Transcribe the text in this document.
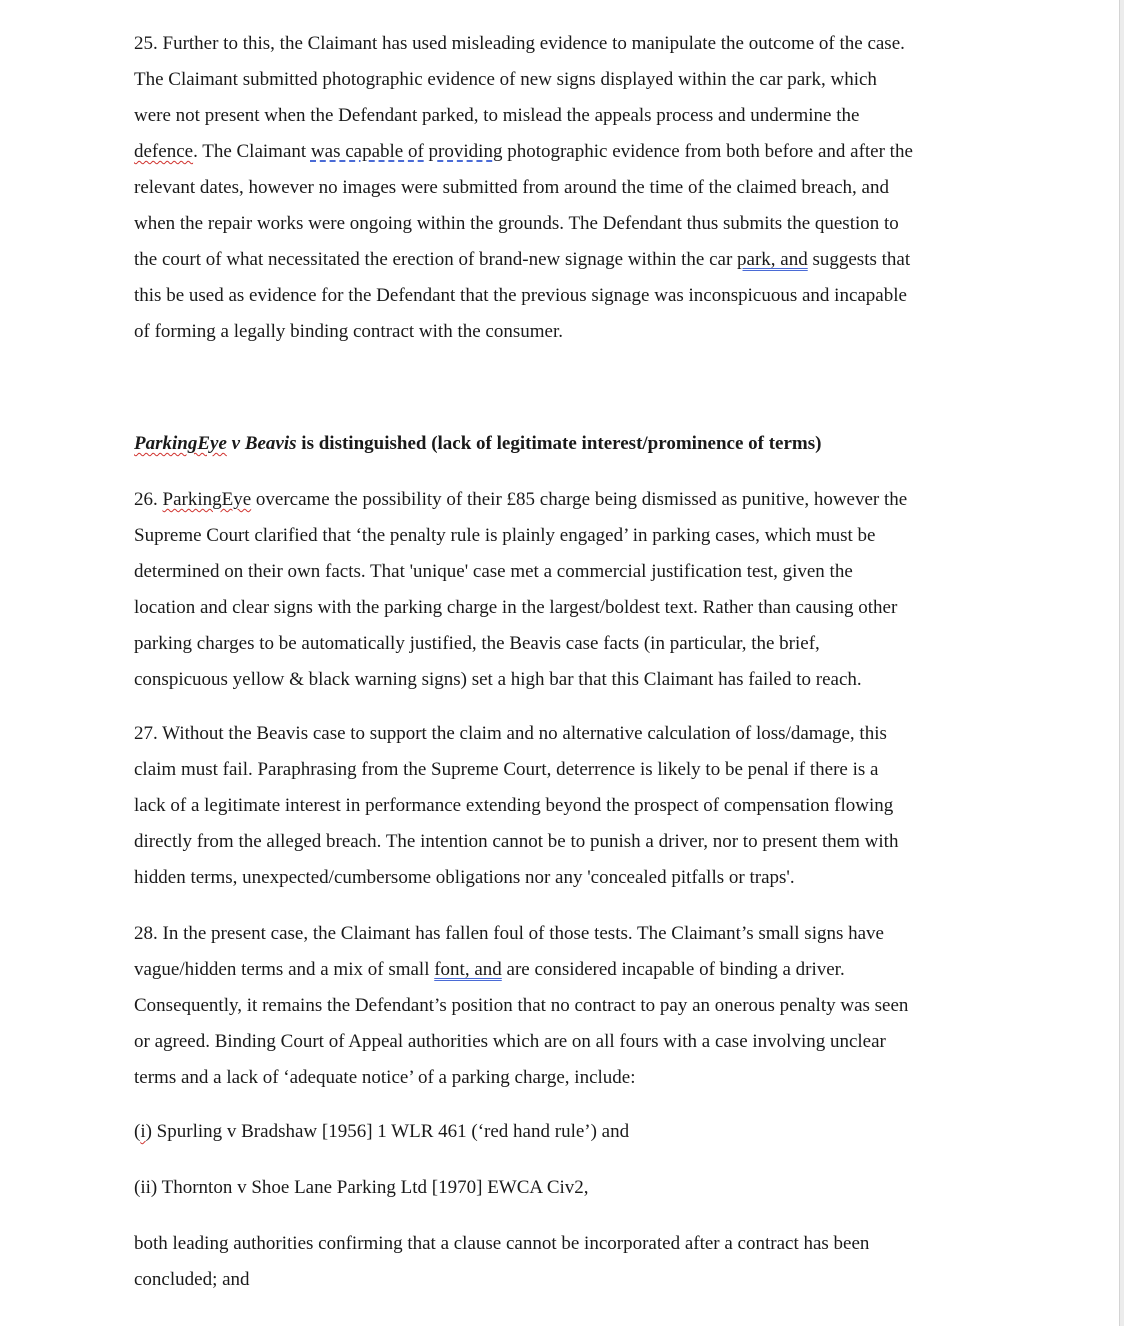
25. Further to this, the Claimant has used misleading evidence to manipulate the outcome of the case.

The Claimant submitted photographic evidence of new signs displayed within the car park, which

were not present when the Defendant parked, to mislead the appeals process and undermine the

defence. The Claimant was capable of providing photographic evidence from both before and after the

relevant dates, however no images were submitted from around the time of the claimed breach, and

when the repair works were ongoing within the grounds. The Defendant thus submits the question to

the court of what necessitated the erection of brand-new signage within the car park, and suggests that

this be used as evidence for the Defendant that the previous signage was inconspicuous and incapable

of forming a legally binding contract with the consumer.

ParkingEye v Beavis is distinguished (lack of legitimate interest/prominence of terms)

26. ParkingEye overcame the possibility of their £85 charge being dismissed as punitive, however the

Supreme Court clarified that ‘the penalty rule is plainly engaged’ in parking cases, which must be

determined on their own facts. That 'unique' case met a commercial justification test, given the

location and clear signs with the parking charge in the largest/boldest text. Rather than causing other

parking charges to be automatically justified, the Beavis case facts (in particular, the brief,

conspicuous yellow & black warning signs) set a high bar that this Claimant has failed to reach.

27. Without the Beavis case to support the claim and no alternative calculation of loss/damage, this

claim must fail. Paraphrasing from the Supreme Court, deterrence is likely to be penal if there is a

lack of a legitimate interest in performance extending beyond the prospect of compensation flowing

directly from the alleged breach. The intention cannot be to punish a driver, nor to present them with

hidden terms, unexpected/cumbersome obligations nor any 'concealed pitfalls or traps'.

28. In the present case, the Claimant has fallen foul of those tests. The Claimant’s small signs have

vague/hidden terms and a mix of small font, and are considered incapable of binding a driver.

Consequently, it remains the Defendant’s position that no contract to pay an onerous penalty was seen

or agreed. Binding Court of Appeal authorities which are on all fours with a case involving unclear

terms and a lack of ‘adequate notice’ of a parking charge, include:

(i) Spurling v Bradshaw [1956] 1 WLR 461 (‘red hand rule’) and

(ii) Thornton v Shoe Lane Parking Ltd [1970] EWCA Civ2,

both leading authorities confirming that a clause cannot be incorporated after a contract has been

concluded; and
